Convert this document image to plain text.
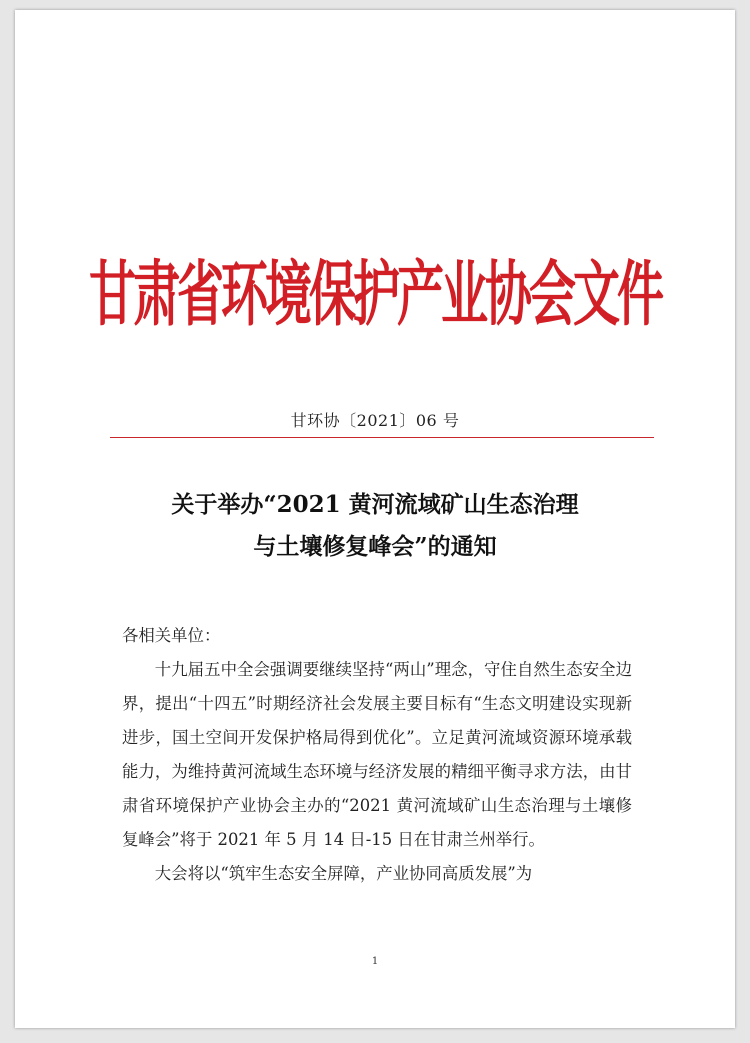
甘肃省环境保护产业协会文件
甘环协〔2021〕06 号
关于举办“2021 黄河流域矿山生态治理
与土壤修复峰会”的通知

各相关单位：

十九届五中全会强调要继续坚持“两山”理念，守住自然生态安全边界，提出“十四五”时期经济社会发展主要目标有“生态文明建设实现新进步，国土空间开发保护格局得到优化”。立足黄河流域资源环境承载能力，为维持黄河流域生态环境与经济发展的精细平衡寻求方法，由甘肃省环境保护产业协会主办的“2021 黄河流域矿山生态治理与土壤修复峰会”将于 2021 年 5 月 14 日-15 日在甘肃兰州举行。

大会将以“筑牢生态安全屏障，产业协同高质发展”为

1
